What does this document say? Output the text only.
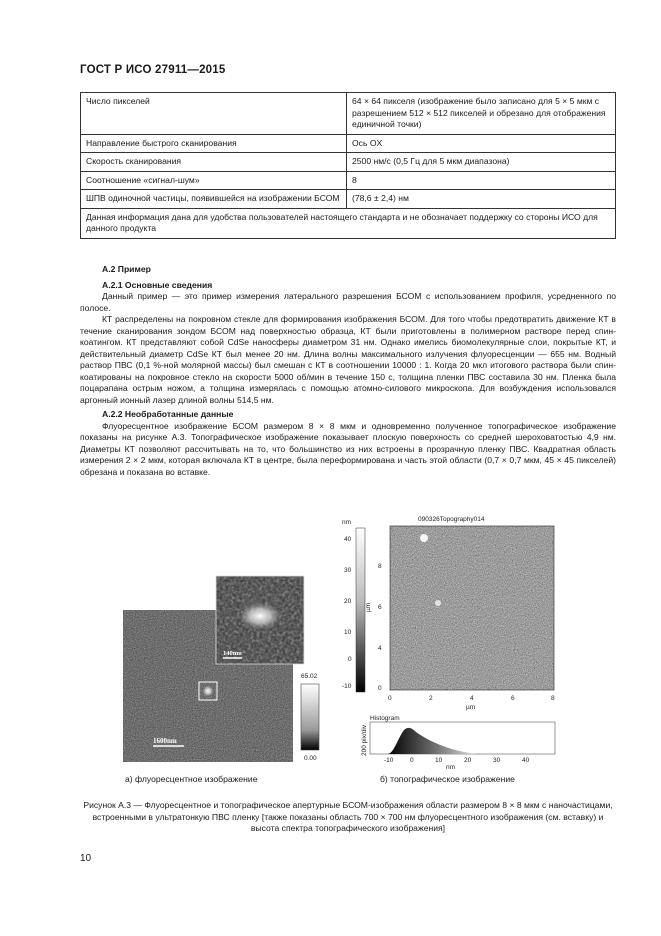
ГОСТ Р ИСО 27911—2015
Число пикселей	64 × 64 пикселя (изображение было записано для 5 × 5 мкм с разрешением 512 × 512 пикселей и обрезано для отображения единичной точки)
Направление быстрого сканирования	Ось OX
Скорость сканирования	2500 нм/с (0,5 Гц для 5 мкм диапазона)
Соотношение «сигнал-шум»	8
ШПВ одиночной частицы, появившейся на изображении БСОМ	(78,6 ± 2,4) нм
Данная информация дана для удобства пользователей настоящего стандарта и не обозначает поддержку со стороны ИСО для данного продукта	

А.2 Пример

А.2.1 Основные сведения

Данный пример — это пример измерения латерального разрешения БСОМ с использованием профиля, усредненного по полосе.

КТ распределены на покровном стекле для формирования изображения БСОМ. Для того чтобы предотвратить движение КТ в течение сканирования зондом БСОМ над поверхностью образца, КТ были приготовлены в полимерном растворе перед спин-коатингом. КТ представляют собой CdSe наносферы диаметром 31 нм. Однако имелись биомолекулярные слои, покрытые КТ, и действительный диаметр CdSe КТ был менее 20 нм. Длина волны максимального излучения флуоресценции — 655 нм. Водный раствор ПВС (0,1 %-ной молярной массы) был смешан с КТ в соотношении 10000 : 1. Когда 20 мкл итогового раствора были спин-коатированы на покровное стекло на скорости 5000 об/мин в течение 150 с, толщина пленки ПВС составила 30 нм. Пленка была поцарапана острым ножом, а толщина измерялась с помощью атомно-силового микроскопа. Для возбуждения использовался аргонный ионный лазер длиной волны 514,5 нм.

А.2.2 Необработанные данные

Флуоресцентное изображение БСОМ размером 8 × 8 мкм и одновременно полученное топографическое изображение показаны на рисунке А.3. Топографическое изображение показывает плоскую поверхность со средней шероховатостью 4,9 нм. Диаметры КТ позволяют рассчитывать на то, что большинство из них встроены в прозрачную пленку ПВС. Квадратная область измерения 2 × 2 мкм, которая включала КТ в центре, была переформирована и часть этой области (0,7 × 0,7 мкм, 45 × 45 пикселей) обрезана и показана во вставке.

1600nm
140nm
65.02
0.00
а) флуоресцентное изображение
090326Topography014
nm
40
30
20
10
0
-10
8
6
4
0
µm
0	2	4	6	8
µm
Histogram
200 pix/div
-10	0	10	20	30	40
nm
б) топографическое изображение
Рисунок А.3 — Флуоресцентное и топографическое апертурные БСОМ-изображения области размером 8 × 8 мкм с наночастицами, встроенными в ультратонкую ПВС пленку [также показаны область 700 × 700 нм флуоресцентного изображения (см. вставку) и высота спектра топографического изображения]
10
